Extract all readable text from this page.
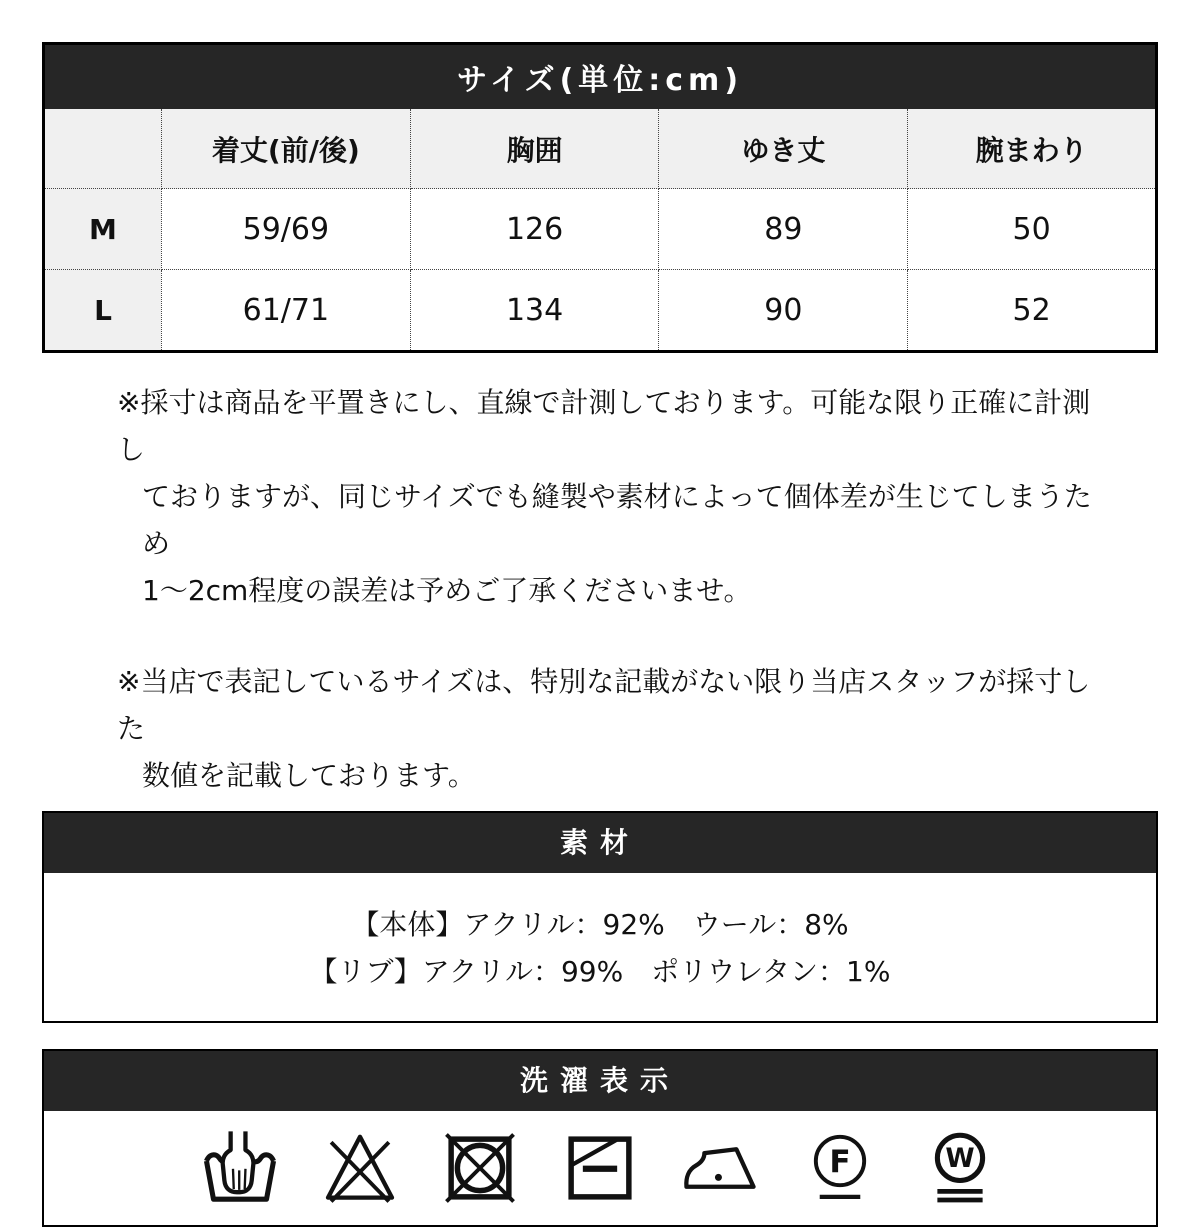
サイズ(単位:cm)				
	着丈(前/後)	胸囲	ゆき丈	腕まわり
M	59/69	126	89	50
L	61/71	134	90	52
※採寸は商品を平置きにし、直線で計測しております。可能な限り正確に計測し
ておりますが、同じサイズでも縫製や素材によって個体差が生じてしまうため
1〜2cm程度の誤差は予めご了承くださいませ。
※当店で表記しているサイズは、特別な記載がない限り当店スタッフが採寸した
数値を記載しております。
素材
【本体】アクリル：92%　ウール：8%
【リブ】アクリル：99%　ポリウレタン：1%
洗濯表示
F	W
